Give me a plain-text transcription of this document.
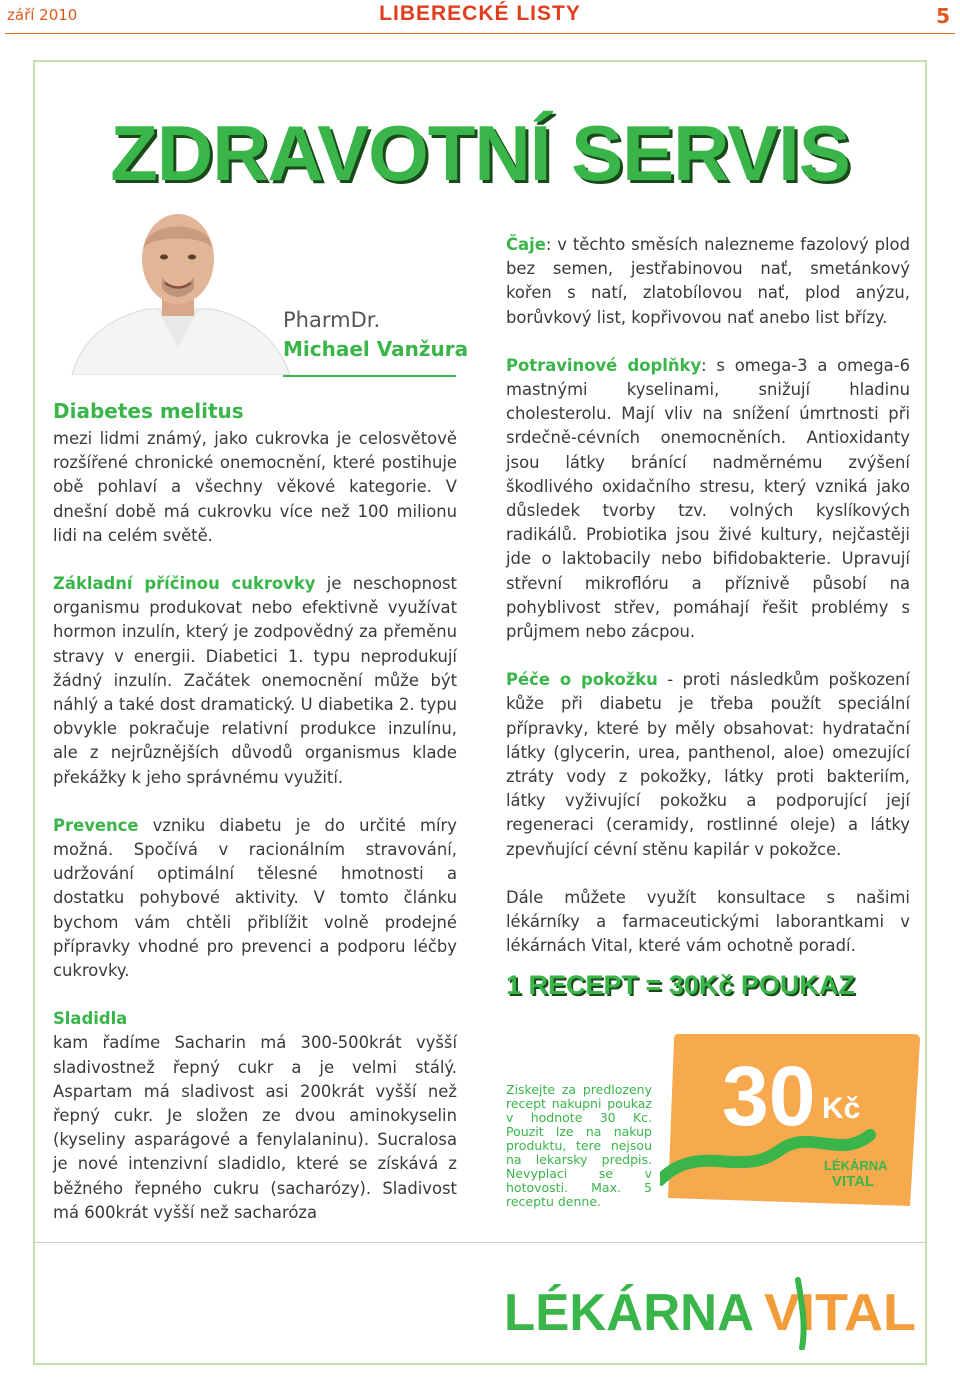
září 2010	LIBERECKÉ LISTY	5
ZDRAVOTNÍ SERVIS
PharmDr.
Michael Vanžura
Diabetes melitus

mezi lidmi známý, jako cukrovka je celosvětově rozšířené chronické onemocnění, které postihuje obě pohlaví a všechny věkové kategorie. V dnešní době má cukrovku více než 100 milionu lidi na celém světě.

Základní příčinou cukrovky je neschopnost organismu produkovat nebo efektivně využívat hormon inzulín, který je zodpovědný za přeměnu stravy v energii. Diabetici 1. typu neprodukují žádný inzulín. Začátek onemocnění může být náhlý a také dost dramatický. U diabetika 2. typu obvykle pokračuje relativní produkce inzulínu, ale z nejrůznějších důvodů organismus klade překážky k jeho správnému využití.

Prevence vzniku diabetu je do určité míry možná. Spočívá v racionálním stravování, udržování optimální tělesné hmotnosti a dostatku pohybové aktivity. V tomto článku bychom vám chtěli přiblížit volně prodejné přípravky vhodné pro prevenci a podporu léčby cukrovky.

Sladidla

kam řadíme Sacharin má 300-500krát vyšší sladivostnež řepný cukr a je velmi stálý. Aspartam má sladivost asi 200krát vyšší než řepný cukr. Je složen ze dvou aminokyselin (kyseliny asparágové a fenylalaninu). Sucralosa je nové intenzivní sladidlo, které se získává z běžného řepného cukru (sacharózy). Sladivost má 600krát vyšší než sacharóza

Čaje: v těchto směsích nalezneme fazolový plod bez semen, jestřabinovou nať, smetánkový kořen s natí, zlatobílovou nať, plod anýzu, borůvkový list, kopřivovou nať anebo list břízy.

Potravinové doplňky: s omega-3 a omega-6 mastnými kyselinami, snižují hladinu cholesterolu. Mají vliv na snížení úmrtnosti při srdečně-cévních onemocněních. Antioxidanty jsou látky bránící nadměrnému zvýšení škodlivého oxidačního stresu, který vzniká jako důsledek tvorby tzv. volných kyslíkových radikálů. Probiotika jsou živé kultury, nejčastěji jde o laktobacily nebo bifidobakterie. Upravují střevní mikroflóru a příznivě působí na pohyblivost střev, pomáhají řešit problémy s průjmem nebo zácpou.

Péče o pokožku - proti následkům poškození kůže při diabetu je třeba použít speciální přípravky, které by měly obsahovat: hydratační látky (glycerin, urea, panthenol, aloe) omezující ztráty vody z pokožky, látky proti bakteriím, látky vyživující pokožku a podporující její regeneraci (ceramidy, rostlinné oleje) a látky zpevňující cévní stěnu kapilár v pokožce.

Dále můžete využít konsultace s našimi lékárníky a farmaceutickými laborantkami v lékárnách Vital, které vám ochotně poradí.

1 RECEPT = 30Kč POUKAZ
Ziskejte za predlozeny recept nakupni poukaz v hodnote 30 Kc. Pouzit lze na nakup produktu, tere nejsou na lekarsky predpis. Nevyplaci se v hotovosti. Max. 5 receptu denne.
30 Kč
LÉKÁRNA
VITAL
LÉKÁRNA VITAL
